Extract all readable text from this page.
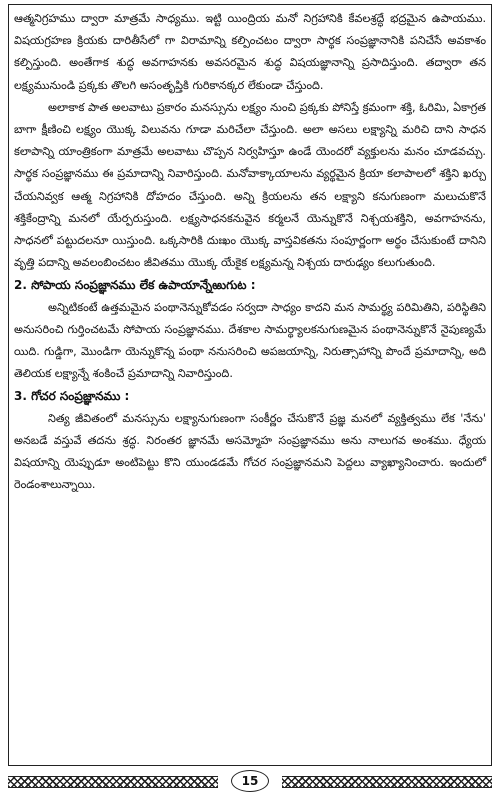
ఆత్మనిగ్రహము ద్వారా మాత్రమే సాధ్యము. ఇట్టి యింద్రియ మనో నిగ్రహానికి కేవలశ్రద్ధే భద్రమైన ఉపాయము. విషయగ్రహణ క్రియకు దారితీసేలో గా విరామాన్ని కల్పించటం ద్వారా సార్థక సంప్రజ్ఞానానికి పనిచేసే అవకాశం కల్పిస్తుంది. అంతేగాక శుద్ధ అవగాహనకు అవసరమైన శుద్ధ విషయజ్ఞానాన్ని ప్రసాదిస్తుంది. తద్వారా తన లక్ష్యమునుండి ప్రక్కకు తొలగి అసంతృప్తికి గురికానక్కర లేకుండా చేస్తుంది.

అలాకాక పాత అలవాటు ప్రకారం మనస్సును లక్ష్యం నుంచి ప్రక్కకు పోనిస్తే క్రమంగా శక్తి, ఓరిమి, ఏకాగ్రత బాగా క్షీణించి లక్ష్యం యొక్క విలువను గూడా మరిచేలా చేస్తుంది. అలా అసలు లక్ష్యాన్ని మరిచి దాని సాధన కలాపాన్ని యాంత్రికంగా మాత్రమే అలవాటు చొప్పన నిర్వహిస్తూ ఉండే యెందరో వ్యక్తులను మనం చూడవచ్చు. సార్థక సంప్రజ్ఞానము ఈ ప్రమాదాన్ని నివారిస్తుంది. మనోవాక్కాయాలను వ్యర్థమైన క్రియా కలాపాలలో శక్తిని ఖర్చు చేయనివ్వక ఆత్మ నిగ్రహానికి దోహదం చేస్తుంది. అన్ని క్రియలను తన లక్ష్యాని కనుగుణంగా మలుచుకొనే శక్తికేంద్రాన్ని మనలో యేర్పరుస్తుంది. లక్ష్యసాధనకనువైన కర్మలనే యెన్నుకొనే నిశ్చయశక్తిని, అవగాహనను, సాధనలో పట్టుదలనూ యిస్తుంది. ఒక్కసారికి దుఃఖం యొక్క వాస్తవికతను సంపూర్ణంగా అర్థం చేసుకుంటే దానిని వృత్తి పదాన్ని అవలంబించటం జీవితము యొక్క యేకైక లక్ష్యమన్న నిశ్చయ దారుఢ్యం కలుగుతుంది.

2. సోపాయ సంప్రజ్ఞానము లేక ఉపాయాన్నేఱుగుట :

అన్నిటికంటే ఉత్తమమైన పంథానెన్నుకోవడం సర్వదా సాధ్యం కాదని మన సామర్థ్య పరిమితిని, పరిస్థితిని అనుసరించి గుర్తించటమే సోపాయ సంప్రజ్ఞానము. దేశకాల సామర్థ్యాలకనుగుణమైన పంథానెన్నుకొనే నైపుణ్యమే యిది. గుడ్డిగా, మొండిగా యెన్నుకొన్న పంథా ననుసరించి అపజయాన్ని, నిరుత్సాహాన్ని పొందే ప్రమాదాన్ని, అది తెలియక లక్ష్యాన్నే శంకించే ప్రమాదాన్ని నివారిస్తుంది.

3. గోచర సంప్రజ్ఞానము :

నిత్య జీవితంలో మనస్సును లక్ష్యానుగుణంగా సంకీర్ణం చేసుకొనే ప్రజ్ఞ మనలో వ్యక్తిత్వము లేక 'నేను' అనబడే వస్తువే తదను శ్రద్ధ. నిరంతర జ్ఞానమే అసమ్మోహ సంప్రజ్ఞానము అను నాలుగవ అంశము. ధ్యేయ విషయాన్ని యెప్పుడూ అంటిపెట్టు కొని యుండడమే గోచర సంప్రజ్ఞానమని పెద్దలు వ్యాఖ్యానించారు. ఇందులో రెండంశాలున్నాయి.

15
